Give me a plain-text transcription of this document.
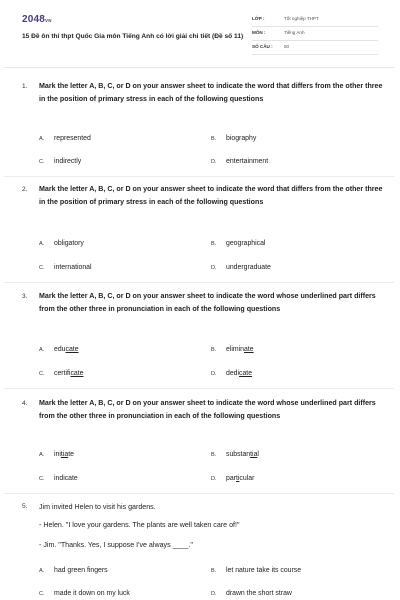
2048VN
15 Đề ôn thi thpt Quốc Gia môn Tiếng Anh có lời giải chi tiết (Đề số 11)
LỚP :	Tốt nghiệp THPT
MÔN :	Tiếng Anh
SỐ CÂU : 50
1. Mark the letter A, B, C, or D on your answer sheet to indicate the word that differs from the other three in the position of primary stress in each of the following questions
A. represented	B. biography
C. indirectly	D. entertainment
2. Mark the letter A, B, C, or D on your answer sheet to indicate the word that differs from the other three in the position of primary stress in each of the following questions
A. obligatory	B. geographical
C. international	D. undergraduate
3. Mark the letter A, B, C, or D on your answer sheet to indicate the word whose underlined part differs from the other three in pronunciation in each of the following questions
A. educate	B. eliminate
C. certificate	D. dedicate
4. Mark the letter A, B, C, or D on your answer sheet to indicate the word whose underlined part differs from the other three in pronunciation in each of the following questions
A. initiate	B. substantial
C. indicate	D. particular
5. Jim invited Helen to visit his gardens.
- Helen. "I love your gardens. The plants are well taken care of!"
- Jim. "Thanks. Yes, I suppose I've always ____."
A. had green fingers	B. let nature take its course
C. made it down on my luck	D. drawn the short straw
